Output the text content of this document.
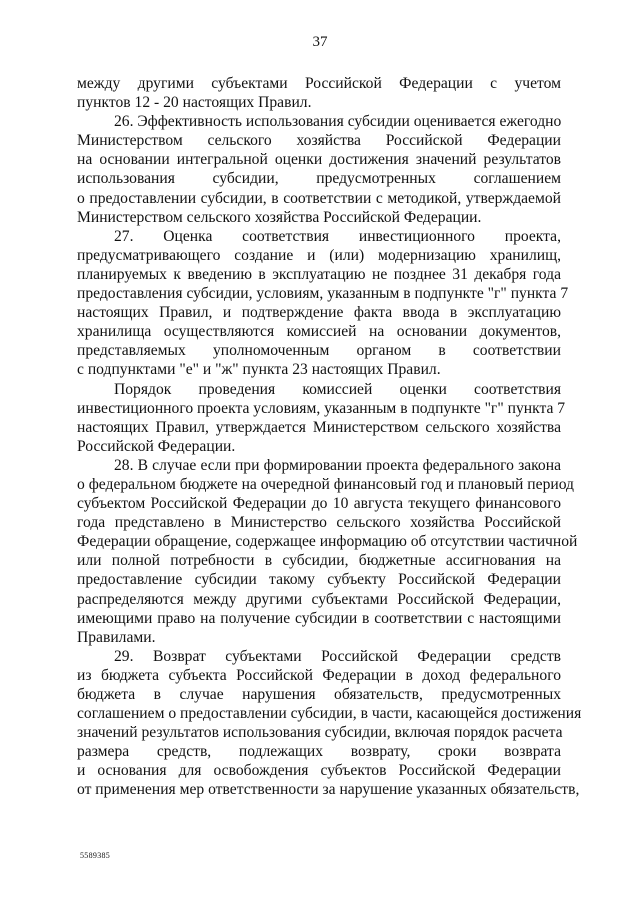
37
между другими субъектами Российской Федерации с учетом
пунктов 12 - 20 настоящих Правил.
26. Эффективность использования субсидии оценивается ежегодно
Министерством сельского хозяйства Российской Федерации
на основании интегральной оценки достижения значений результатов
использования субсидии, предусмотренных соглашением
о предоставлении субсидии, в соответствии с методикой, утверждаемой
Министерством сельского хозяйства Российской Федерации.
27. Оценка соответствия инвестиционного проекта,
предусматривающего создание и (или) модернизацию хранилищ,
планируемых к введению в эксплуатацию не позднее 31 декабря года
предоставления субсидии, условиям, указанным в подпункте "г" пункта 7
настоящих Правил, и подтверждение факта ввода в эксплуатацию
хранилища осуществляются комиссией на основании документов,
представляемых уполномоченным органом в соответствии
с подпунктами "е" и "ж" пункта 23 настоящих Правил.
Порядок проведения комиссией оценки соответствия
инвестиционного проекта условиям, указанным в подпункте "г" пункта 7
настоящих Правил, утверждается Министерством сельского хозяйства
Российской Федерации.
28. В случае если при формировании проекта федерального закона
о федеральном бюджете на очередной финансовый год и плановый период
субъектом Российской Федерации до 10 августа текущего финансового
года представлено в Министерство сельского хозяйства Российской
Федерации обращение, содержащее информацию об отсутствии частичной
или полной потребности в субсидии, бюджетные ассигнования на
предоставление субсидии такому субъекту Российской Федерации
распределяются между другими субъектами Российской Федерации,
имеющими право на получение субсидии в соответствии с настоящими
Правилами.
29. Возврат субъектами Российской Федерации средств
из бюджета субъекта Российской Федерации в доход федерального
бюджета в случае нарушения обязательств, предусмотренных
соглашением о предоставлении субсидии, в части, касающейся достижения
значений результатов использования субсидии, включая порядок расчета
размера средств, подлежащих возврату, сроки возврата
и основания для освобождения субъектов Российской Федерации
от применения мер ответственности за нарушение указанных обязательств,
5589385
